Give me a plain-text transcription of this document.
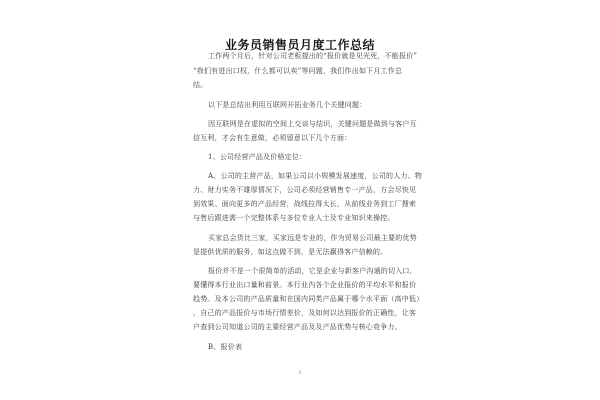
业务员销售员月度工作总结
工作两个月后，针对公司老板提出的“报价就是见光死，不能报价”
“我们有进出口权，什么都可以卖”等问题，我们作出如下月工作总
结。
以下是总结出利用互联网开拓业务几个关键问题：
因互联网是在虚拟的空间上交谈与结识，关键问题是做到与客户互
信互利，才会有生意做，必须留意以下几个方面：
1、公司经营产品及价格定位：
A、公司的主营产品，如果公司以小规模发展速度，公司的人力、物
力、财力实务不雄厚情况下，公司必须经营销售专一产品，方会尽快见
到效果、面向更多的产品经营，战线拉得太长，从前线业务到工厂搜索
与售后跟进需一个完整体系与多位专业人士及专业知识来操控。
买家总会货比三家，买家远是专业的，作为贸易公司最主要的优势
是提供优质的服务，如这点做不到，是无法赢得客户信赖的。
报价并不是一个很简单的活动，它是企业与新客户沟通的切入口，
要懂得本行业出口量和前景。本行业内各个企业报价的平均水平和报价
趋势。及本公司的产品质量和在国内同类产品属于哪个水平面（高中低）
，自己的产品报价与市场行情差价，及如何以达到报价的正确性，让客
户查到公司知道公司的主要经营产品及及产品优势与核心竞争力。
B、报价表
1
